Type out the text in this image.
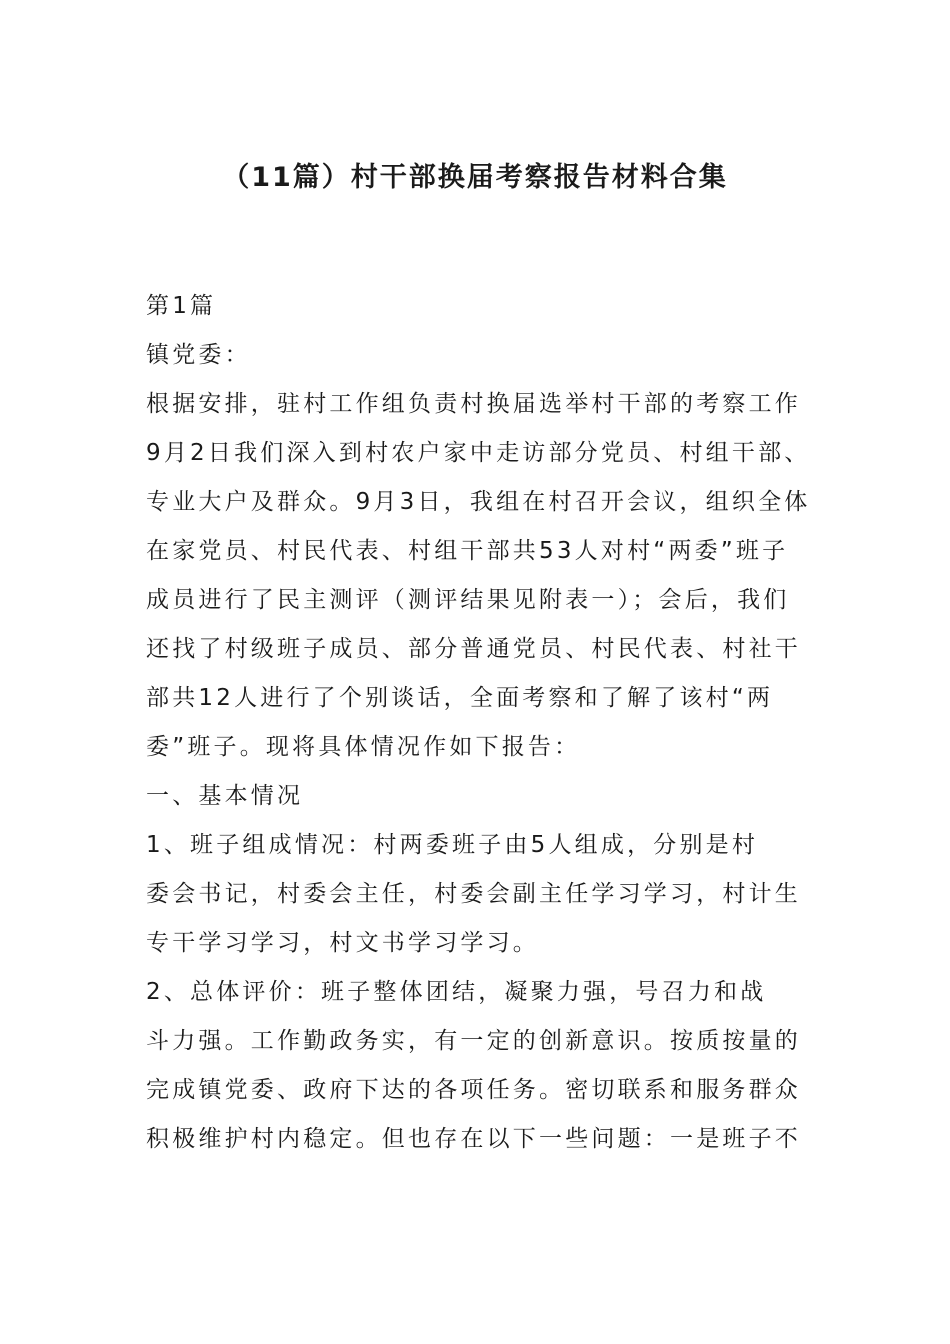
（11篇）村干部换届考察报告材料合集
第1篇
镇党委：
根据安排，驻村工作组负责村换届选举村干部的考察工作
9月2日我们深入到村农户家中走访部分党员、村组干部、
专业大户及群众。9月3日，我组在村召开会议，组织全体
在家党员、村民代表、村组干部共53人对村“两委”班子
成员进行了民主测评（测评结果见附表一）；会后，我们
还找了村级班子成员、部分普通党员、村民代表、村社干
部共12人进行了个别谈话，全面考察和了解了该村“两
委”班子。现将具体情况作如下报告：
一、基本情况
1、班子组成情况：村两委班子由5人组成，分别是村
委会书记，村委会主任，村委会副主任学习学习，村计生
专干学习学习，村文书学习学习。
2、总体评价：班子整体团结，凝聚力强，号召力和战
斗力强。工作勤政务实，有一定的创新意识。按质按量的
完成镇党委、政府下达的各项任务。密切联系和服务群众
积极维护村内稳定。但也存在以下一些问题：一是班子不
